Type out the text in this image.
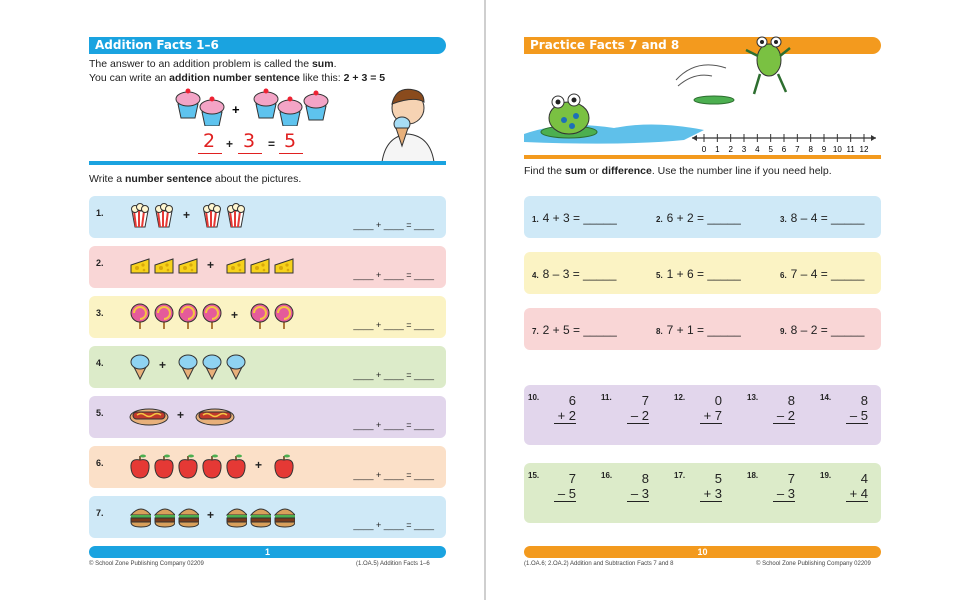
Addition Facts 1–6
The answer to an addition problem is called the sum.
You can write an addition number sentence like this: 2 + 3 = 5
+
2 + 3 = 5
Write a number sentence about the pictures.
1.	+
____ + ____ = ____
2.	+
____ + ____ = ____
3.	+
____ + ____ = ____
4.	+
____ + ____ = ____
5.	+
____ + ____ = ____
6.	+
____ + ____ = ____
7.	+
____ + ____ = ____
1
© School Zone Publishing Company 02209	(1.OA.5) Addition Facts 1–6
Practice Facts 7 and 8
0 1 2 3 4 5 6 7 8 9 10 11 12
Find the sum or difference. Use the number line if you need help.
1. 4 + 3 = _____	2. 6 + 2 = _____	3. 8 – 4 = _____
4. 8 – 3 = _____	5. 1 + 6 = _____	6. 7 – 4 = _____
7. 2 + 5 = _____	8. 7 + 1 = _____	9. 8 – 2 = _____
10. 6
+ 2
11. 7
– 2
12. 0
+ 7
13. 8
– 2
14. 8
– 5
15. 7
– 5
16. 8
– 3
17. 5
+ 3
18. 7
– 3
19. 4
+ 4
10
(1.OA.6; 2.OA.2) Addition and Subtraction Facts 7 and 8	© School Zone Publishing Company 02209
